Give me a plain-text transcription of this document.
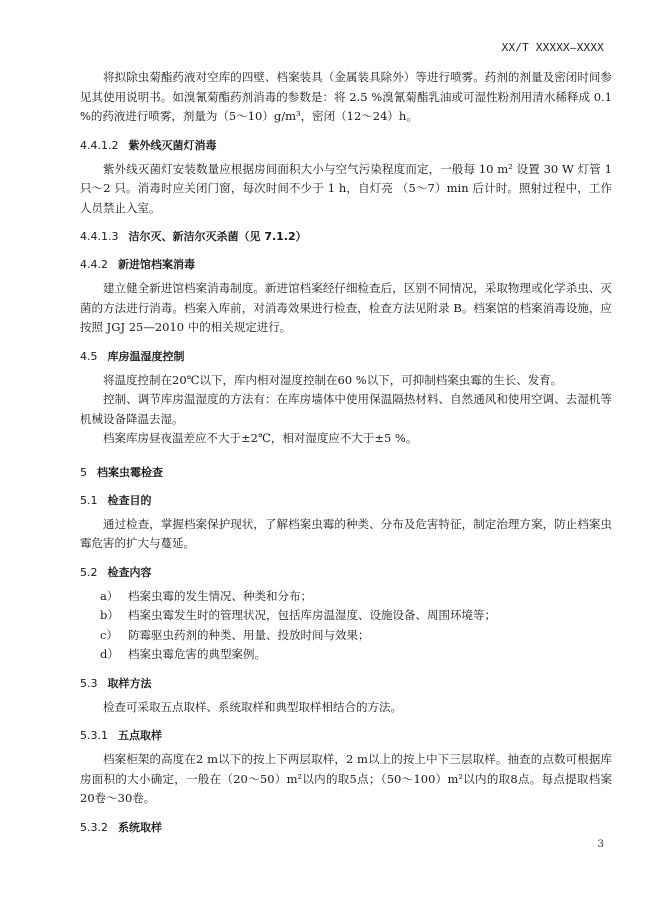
XX/T XXXXX—XXXX

将拟除虫菊酯药液对空库的四壁、档案装具（金属装具除外）等进行喷雾。药剂的剂量及密闭时间参见其使用说明书。如溴氰菊酯药剂消毒的参数是：将 2.5 %溴氰菊酯乳油或可湿性粉剂用清水稀释成 0.1 %的药液进行喷雾，剂量为（5～10）g/m³，密闭（12～24）h。

4.4.1.2 紫外线灭菌灯消毒

紫外线灭菌灯安装数量应根据房间面积大小与空气污染程度而定，一般每 10 m² 设置 30 W 灯管 1 只～2 只。消毒时应关闭门窗，每次时间不少于 1 h，自灯亮 （5～7）min 后计时。照射过程中，工作人员禁止入室。

4.4.1.3 洁尔灭、新洁尔灭杀菌（见 7.1.2）

4.4.2 新进馆档案消毒

建立健全新进馆档案消毒制度。新进馆档案经仔细检查后，区别不同情况，采取物理或化学杀虫、灭菌的方法进行消毒。档案入库前，对消毒效果进行检查，检查方法见附录 B。档案馆的档案消毒设施，应按照 JGJ 25—2010 中的相关规定进行。

4.5 库房温湿度控制

将温度控制在20℃以下，库内相对湿度控制在60 %以下，可抑制档案虫霉的生长、发育。

控制、调节库房温湿度的方法有：在库房墙体中使用保温隔热材料、自然通风和使用空调、去湿机等机械设备降温去湿。

档案库房昼夜温差应不大于±2℃，相对湿度应不大于±5 %。

5 档案虫霉检查

5.1 检查目的

通过检查，掌握档案保护现状，了解档案虫霉的种类、分布及危害特征，制定治理方案，防止档案虫霉危害的扩大与蔓延。

5.2 检查内容

a） 档案虫霉的发生情况、种类和分布；
b） 档案虫霉发生时的管理状况，包括库房温湿度、设施设备、周围环境等；
c） 防霉驱虫药剂的种类、用量、投放时间与效果；
d） 档案虫霉危害的典型案例。

5.3 取样方法

检查可采取五点取样、系统取样和典型取样相结合的方法。

5.3.1 五点取样

档案柜架的高度在2 m以下的按上下两层取样，2 m以上的按上中下三层取样。抽查的点数可根据库房面积的大小确定，一般在（20～50）m²以内的取5点；（50～100）m²以内的取8点。每点提取档案20卷～30卷。

5.3.2 系统取样

3
